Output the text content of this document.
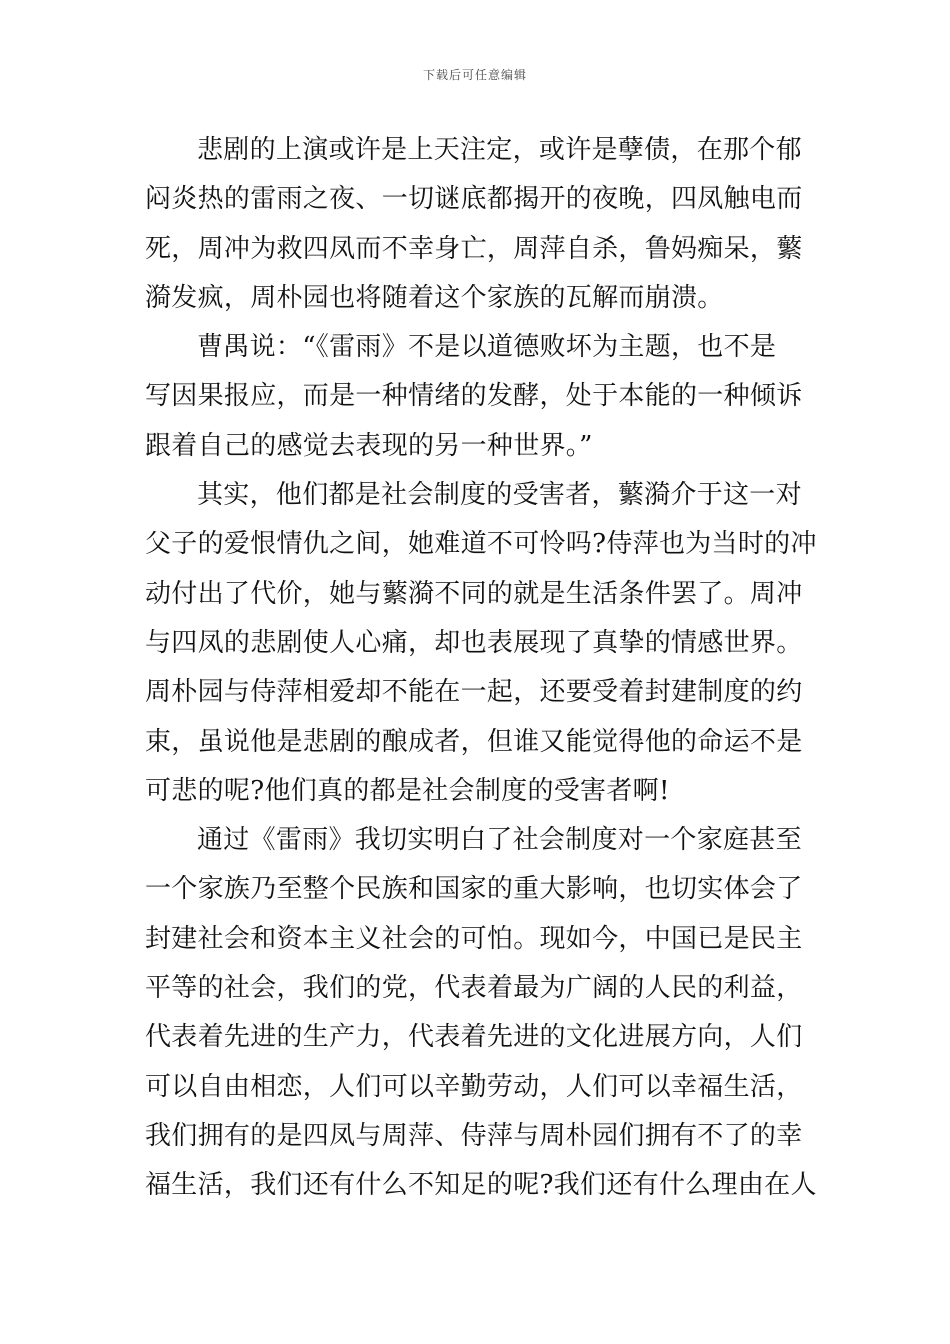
下载后可任意编辑
悲剧的上演或许是上天注定，或许是孽债，在那个郁
闷炎热的雷雨之夜、一切谜底都揭开的夜晚，四凤触电而
死，周冲为救四凤而不幸身亡，周萍自杀，鲁妈痴呆，蘩
漪发疯，周朴园也将随着这个家族的瓦解而崩溃。
曹禺说：“《雷雨》不是以道德败坏为主题，也不是
写因果报应，而是一种情绪的发酵，处于本能的一种倾诉
跟着自己的感觉去表现的另一种世界。”
其实，他们都是社会制度的受害者，蘩漪介于这一对
父子的爱恨情仇之间，她难道不可怜吗?侍萍也为当时的冲
动付出了代价，她与蘩漪不同的就是生活条件罢了。周冲
与四凤的悲剧使人心痛，却也表展现了真挚的情感世界。
周朴园与侍萍相爱却不能在一起，还要受着封建制度的约
束，虽说他是悲剧的酿成者，但谁又能觉得他的命运不是
可悲的呢?他们真的都是社会制度的受害者啊!
通过《雷雨》我切实明白了社会制度对一个家庭甚至
一个家族乃至整个民族和国家的重大影响，也切实体会了
封建社会和资本主义社会的可怕。现如今，中国已是民主
平等的社会，我们的党，代表着最为广阔的人民的利益，
代表着先进的生产力，代表着先进的文化进展方向，人们
可以自由相恋，人们可以辛勤劳动，人们可以幸福生活，
我们拥有的是四凤与周萍、侍萍与周朴园们拥有不了的幸
福生活，我们还有什么不知足的呢?我们还有什么理由在人
